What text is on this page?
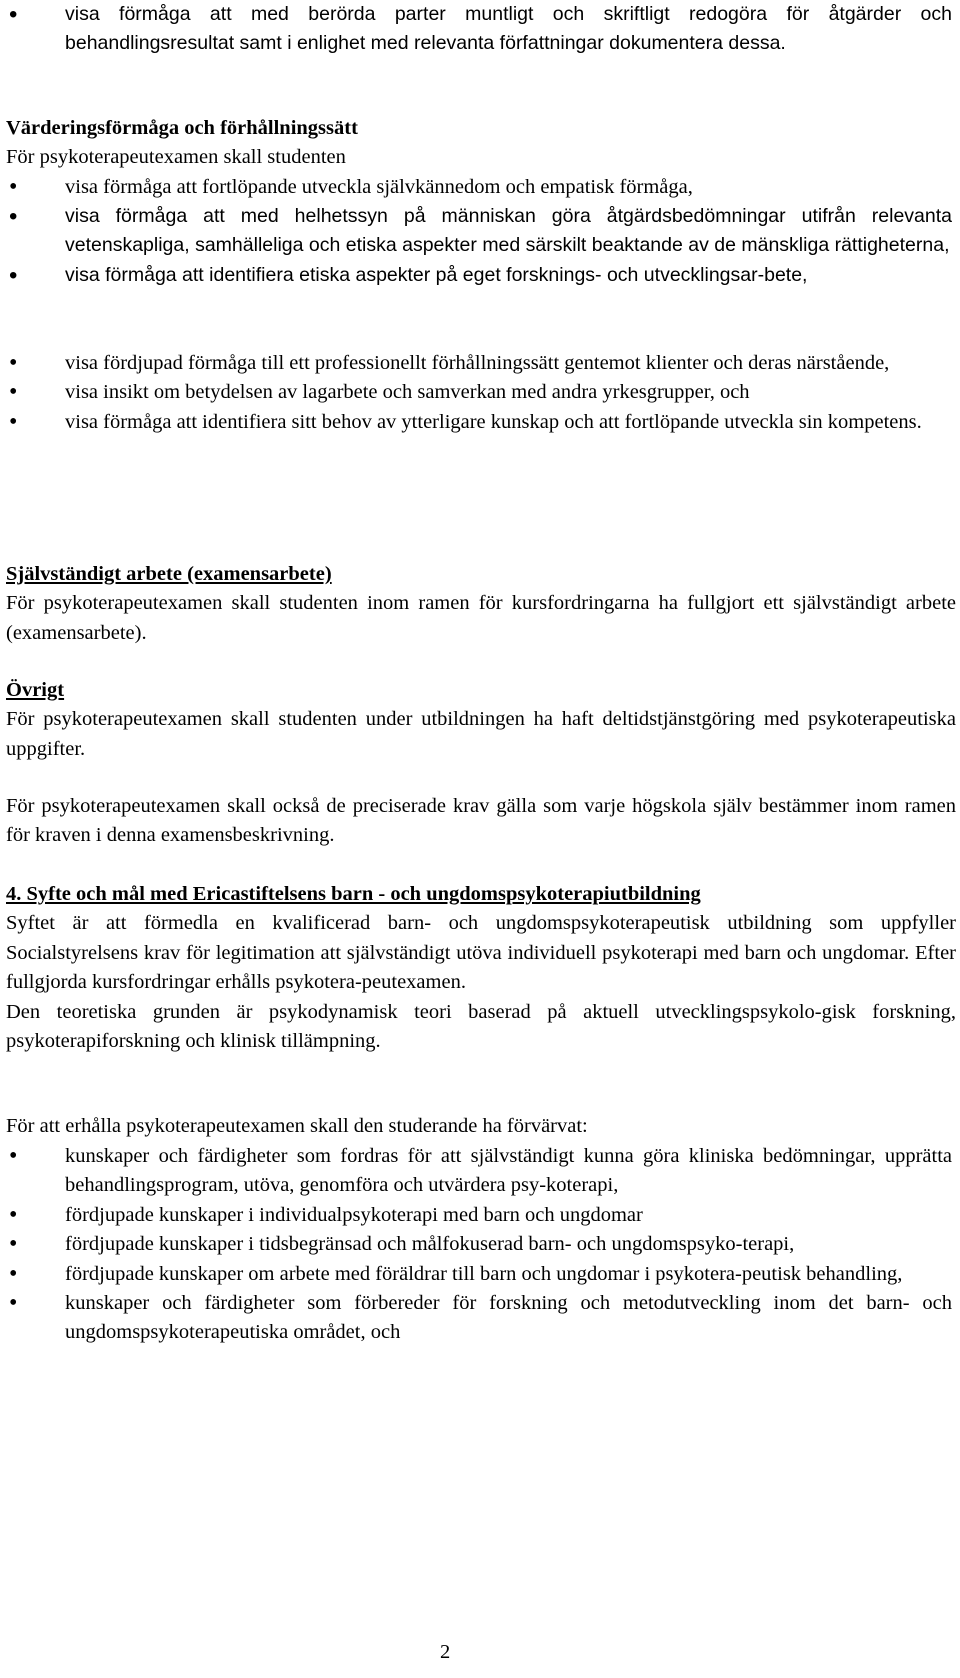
• visa förmåga att med berörda parter muntligt och skriftligt redogöra för åtgärder och behandlingsresultat samt i enlighet med relevanta författningar dokumentera dessa.

Värderingsförmåga och förhållningssätt

För psykoterapeutexamen skall studenten

• visa förmåga att fortlöpande utveckla självkännedom och empatisk förmåga,
• visa förmåga att med helhetssyn på människan göra åtgärdsbedömningar utifrån relevanta vetenskapliga, samhälleliga och etiska aspekter med särskilt beaktande av de mänskliga rättigheterna,
• visa förmåga att identifiera etiska aspekter på eget forsknings- och utvecklingsar-bete,
• visa fördjupad förmåga till ett professionellt förhållningssätt gentemot klienter och deras närstående,
• visa insikt om betydelsen av lagarbete och samverkan med andra yrkesgrupper, och
• visa förmåga att identifiera sitt behov av ytterligare kunskap och att fortlöpande utveckla sin kompetens.

Självständigt arbete (examensarbete)

För psykoterapeutexamen skall studenten inom ramen för kursfordringarna ha fullgjort ett självständigt arbete (examensarbete).

Övrigt

För psykoterapeutexamen skall studenten under utbildningen ha haft deltidstjänstgöring med psykoterapeutiska uppgifter.

För psykoterapeutexamen skall också de preciserade krav gälla som varje högskola själv bestämmer inom ramen för kraven i denna examensbeskrivning.

4. Syfte och mål med Ericastiftelsens barn - och ungdomspsykoterapiutbildning

Syftet är att förmedla en kvalificerad barn- och ungdomspsykoterapeutisk utbildning som uppfyller Socialstyrelsens krav för legitimation att självständigt utöva individuell psykoterapi med barn och ungdomar. Efter fullgjorda kursfordringar erhålls psykotera-peutexamen.

Den teoretiska grunden är psykodynamisk teori baserad på aktuell utvecklingspsykolo-gisk forskning, psykoterapiforskning och klinisk tillämpning.

För att erhålla psykoterapeutexamen skall den studerande ha förvärvat:

• kunskaper och färdigheter som fordras för att självständigt kunna göra kliniska bedömningar, upprätta behandlingsprogram, utöva, genomföra och utvärdera psy-koterapi,
• fördjupade kunskaper i individualpsykoterapi med barn och ungdomar
• fördjupade kunskaper i tidsbegränsad och målfokuserad barn- och ungdomspsyko-terapi,
• fördjupade kunskaper om arbete med föräldrar till barn och ungdomar i psykotera-peutisk behandling,
• kunskaper och färdigheter som förbereder för forskning och metodutveckling inom det barn- och ungdomspsykoterapeutiska området, och
2
